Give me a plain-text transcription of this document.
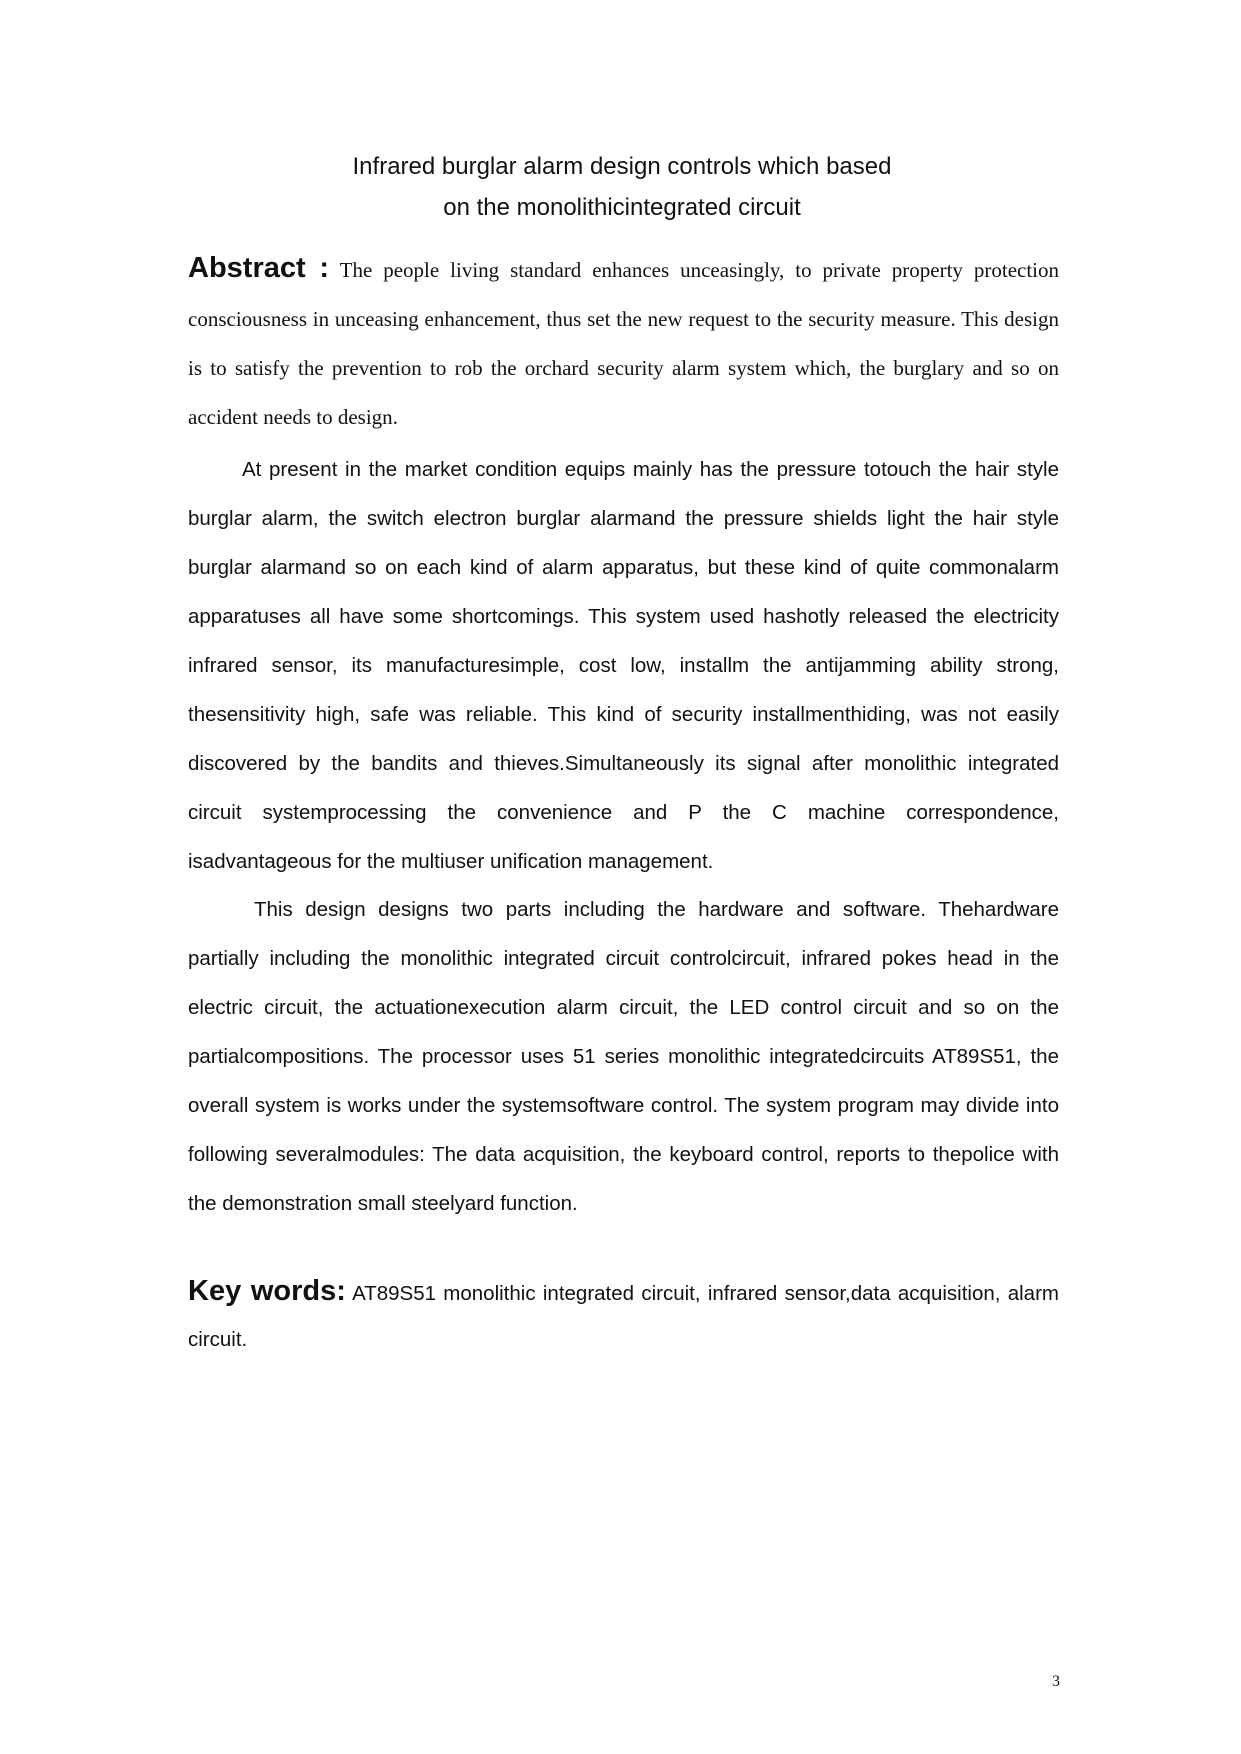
Infrared burglar alarm design controls which based
on the monolithicintegrated circuit

Abstract : The people living standard enhances unceasingly, to private property protection consciousness in unceasing enhancement, thus set the new request to the security measure. This design is to satisfy the prevention to rob the orchard security alarm system which, the burglary and so on accident needs to design.

At present in the market condition equips mainly has the pressure totouch the hair style burglar alarm, the switch electron burglar alarmand the pressure shields light the hair style burglar alarmand so on each kind of alarm apparatus, but these kind of quite commonalarm apparatuses all have some shortcomings. This system used hashotly released the electricity infrared sensor, its manufacturesimple, cost low, installm the antijamming ability strong, thesensitivity high, safe was reliable. This kind of security installmenthiding, was not easily discovered by the bandits and thieves.Simultaneously its signal after monolithic integrated circuit systemprocessing the convenience and P the C machine correspondence, isadvantageous for the multiuser unification management.

This design designs two parts including the hardware and software. Thehardware partially including the monolithic integrated circuit controlcircuit, infrared pokes head in the electric circuit, the actuationexecution alarm circuit, the LED control circuit and so on the partialcompositions. The processor uses 51 series monolithic integratedcircuits AT89S51, the overall system is works under the systemsoftware control. The system program may divide into following severalmodules: The data acquisition, the keyboard control, reports to thepolice with the demonstration small steelyard function.

Key words: AT89S51 monolithic integrated circuit, infrared sensor,data acquisition, alarm circuit.

3
